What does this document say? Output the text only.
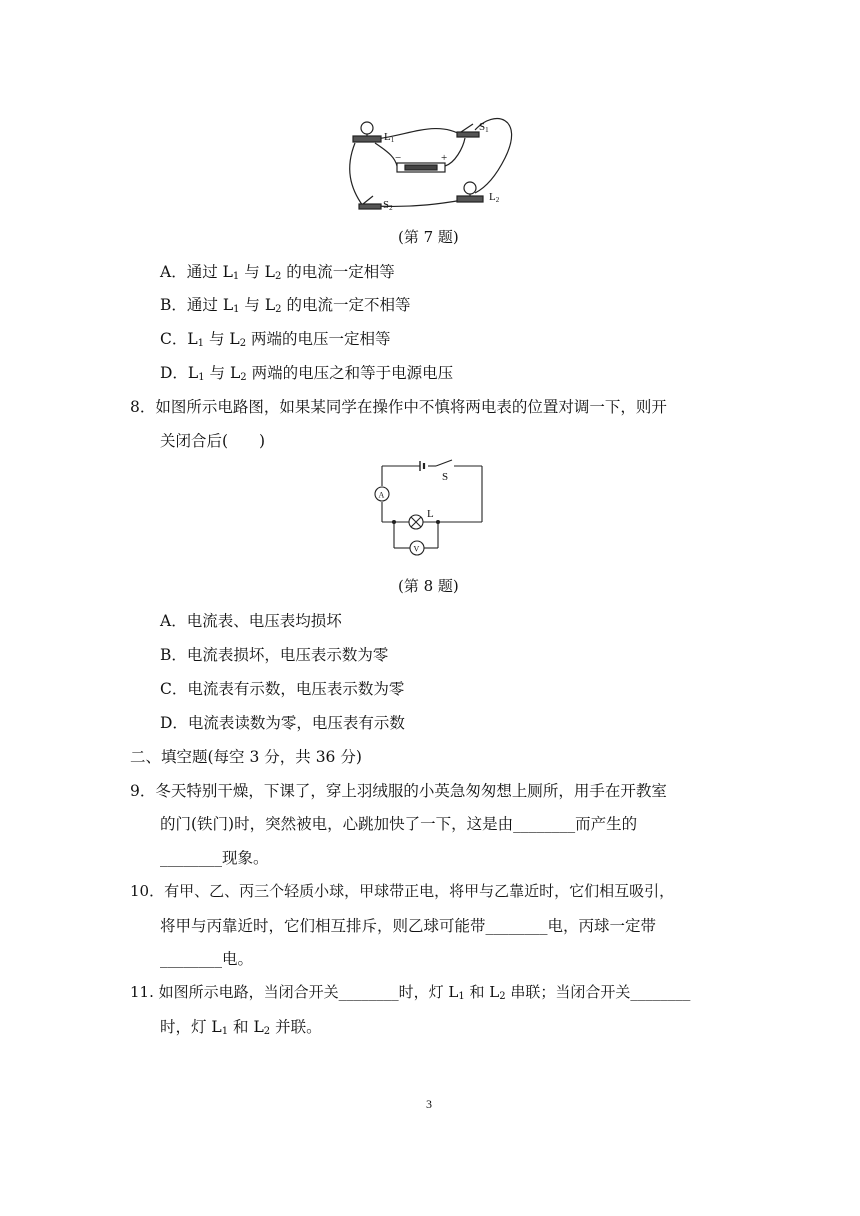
L1
S1
S2
L2
−	+
(第 7 题)
A．通过 $L_1$ 与 $L_2$ 的电流一定相等
B．通过 $L_1$ 与 $L_2$ 的电流一定不相等
C．$L_1$ 与 $L_2$ 两端的电压一定相等
D．$L_1$ 与 $L_2$ 两端的电压之和等于电源电压
8．如图所示电路图，如果某同学在操作中不慎将两电表的位置对调一下，则开
关闭合后(　　)
S
L
A
V
(第 8 题)
A．电流表、电压表均损坏
B．电流表损坏，电压表示数为零
C．电流表有示数，电压表示数为零
D．电流表读数为零，电压表有示数
二、填空题(每空 3 分，共 36 分)
9．冬天特别干燥，下课了，穿上羽绒服的小英急匆匆想上厕所，用手在开教室
的门(铁门)时，突然被电，心跳加快了一下，这是由________而产生的
________现象。
10．有甲、乙、丙三个轻质小球，甲球带正电，将甲与乙靠近时，它们相互吸引，
将甲与丙靠近时，它们相互排斥，则乙球可能带________电，丙球一定带
________电。
11. 如图所示电路，当闭合开关________时，灯 $L_1$ 和 $L_2$ 串联；当闭合开关________
时，灯 $L_1$ 和 $L_2$ 并联。
3
